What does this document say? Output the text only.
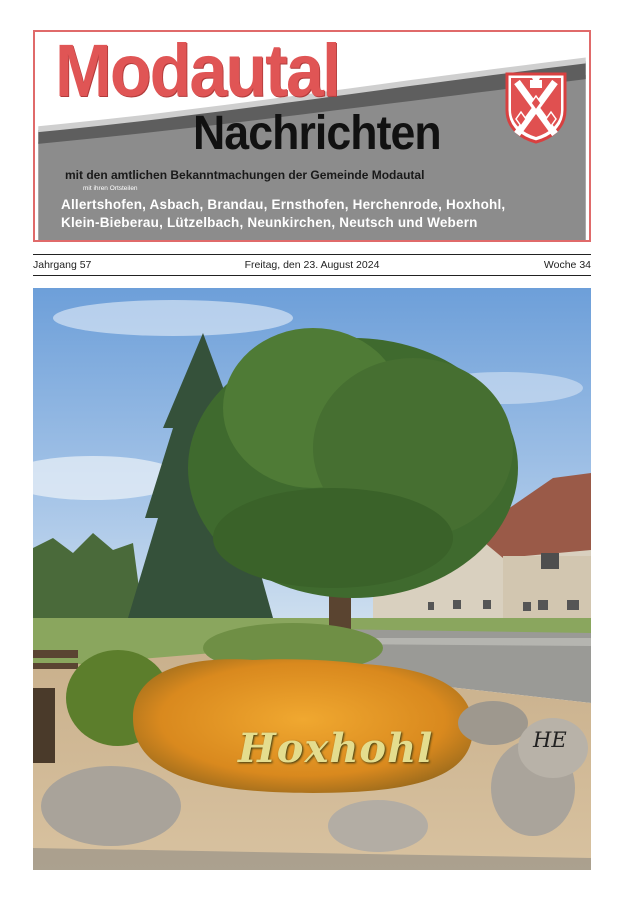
Modautal
Nachrichten
mit den amtlichen Bekanntmachungen der Gemeinde Modautal
mit ihren Ortsteilen
Allertshofen, Asbach, Brandau, Ernsthofen, Herchenrode, Hoxhohl,
Klein-Bieberau, Lützelbach, Neunkirchen, Neutsch und Webern
Jahrgang 57	Freitag, den 23. August 2024	Woche 34
Hoxhohl	HE
